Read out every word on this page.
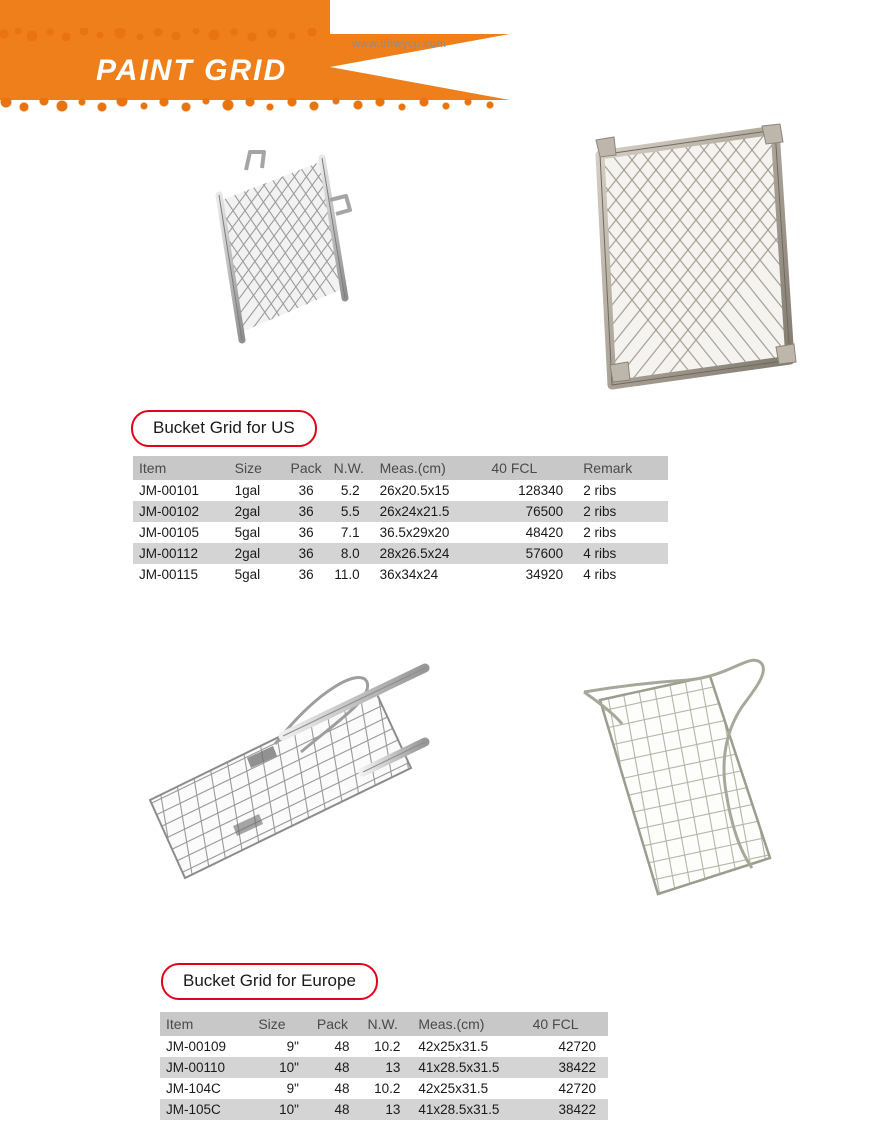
PAINT GRID
www.bhwycp.com
Bucket Grid for US
Item	Size	Pack	N.W.	Meas.(cm)	40 FCL	Remark
JM-00101	1gal	36	5.2	26x20.5x15	128340	2 ribs
JM-00102	2gal	36	5.5	26x24x21.5	76500	2 ribs
JM-00105	5gal	36	7.1	36.5x29x20	48420	2 ribs
JM-00112	2gal	36	8.0	28x26.5x24	57600	4 ribs
JM-00115	5gal	36	11.0	36x34x24	34920	4 ribs
Bucket Grid for Europe
Item	Size	Pack	N.W.	Meas.(cm)	40 FCL
JM-00109	9"	48	10.2	42x25x31.5	42720
JM-00110	10"	48	13	41x28.5x31.5	38422
JM-104C	9"	48	10.2	42x25x31.5	42720
JM-105C	10"	48	13	41x28.5x31.5	38422
